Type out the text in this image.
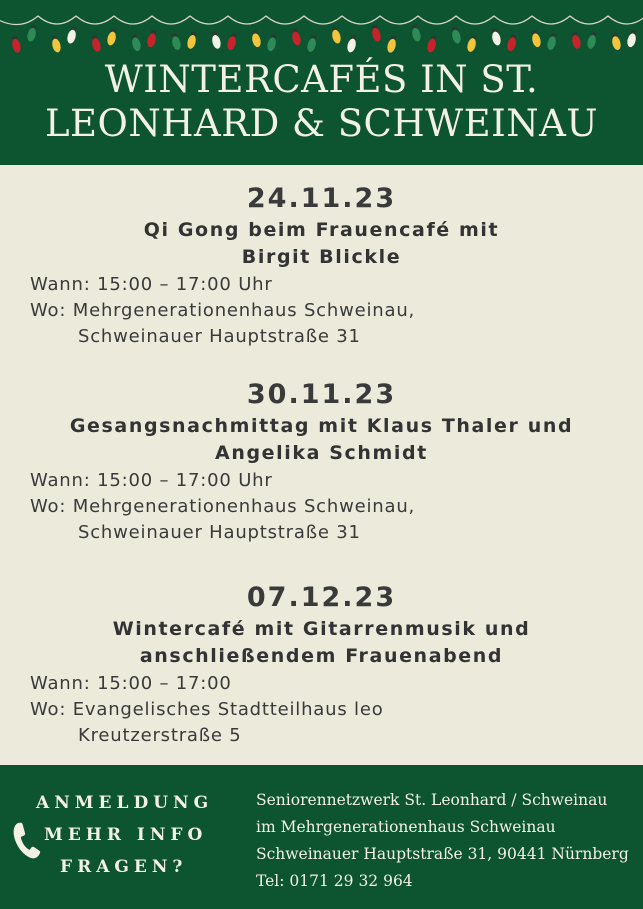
WINTERCAFÉS IN ST.
LEONHARD & SCHWEINAU
24.11.23
Qi Gong beim Frauencafé mit
Birgit Blickle
Wann: 15:00 – 17:00 Uhr
Wo: Mehrgenerationenhaus Schweinau,
Schweinauer Hauptstraße 31
30.11.23
Gesangsnachmittag mit Klaus Thaler und
Angelika Schmidt
Wann: 15:00 – 17:00 Uhr
Wo: Mehrgenerationenhaus Schweinau,
Schweinauer Hauptstraße 31
07.12.23
Wintercafé mit Gitarrenmusik und
anschließendem Frauenabend
Wann: 15:00 – 17:00
Wo: Evangelisches Stadtteilhaus leo
Kreutzerstraße 5
ANMELDUNG
MEHR INFO
FRAGEN?
Seniorennetzwerk St. Leonhard / Schweinau
im Mehrgenerationenhaus Schweinau
Schweinauer Hauptstraße 31, 90441 Nürnberg
Tel: 0171 29 32 964
